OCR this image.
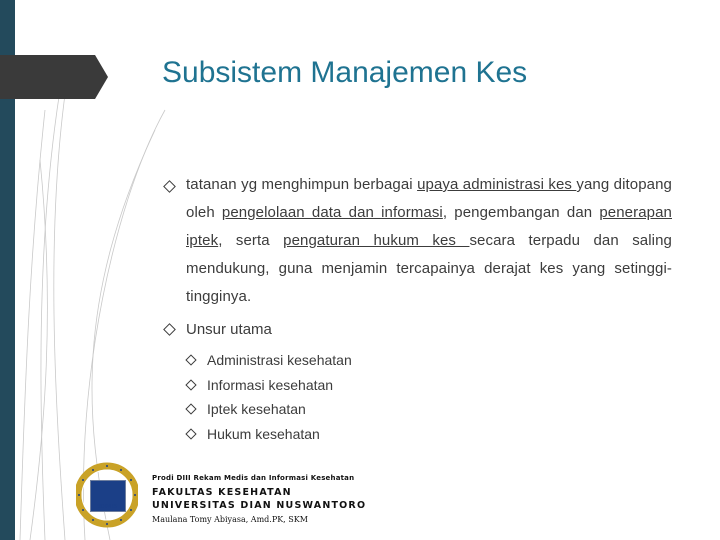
Subsistem Manajemen Kes
tatanan yg menghimpun berbagai upaya administrasi kes yang ditopang oleh pengelolaan data dan informasi, pengembangan dan penerapan iptek, serta pengaturan hukum kes secara terpadu dan saling mendukung, guna menjamin tercapainya derajat kes yang setinggi-tingginya.
Unsur utama
Administrasi kesehatan
Informasi kesehatan
Iptek kesehatan
Hukum kesehatan
UDINUS
Prodi DIII Rekam Medis dan Informasi Kesehatan
FAKULTAS KESEHATAN
UNIVERSITAS DIAN NUSWANTORO
Maulana Tomy Abiyasa, Amd.PK, SKM
